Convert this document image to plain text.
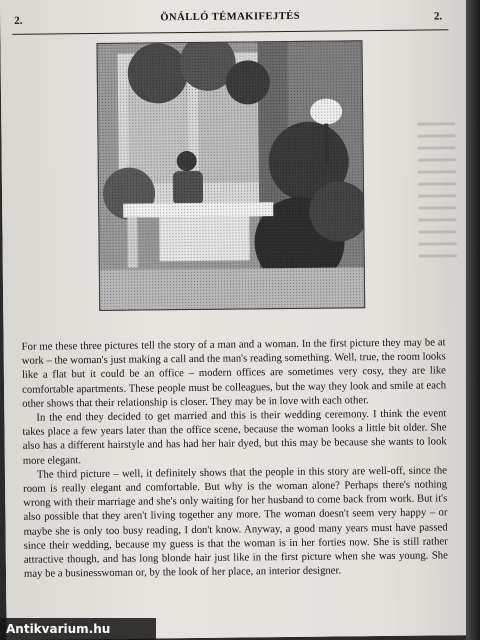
2.	ÖNÁLLÓ TÉMAKIFEJTÉS	2.

For me these three pictures tell the story of a man and a woman. In the first picture they may be at work – the woman's just making a call and the man's reading something. Well, true, the room looks like a flat but it could be an office – modern offices are sometimes very cosy, they are like comfortable apartments. These people must be colleagues, but the way they look and smile at each other shows that their relationship is closer. They may be in love with each other.

In the end they decided to get married and this is their wedding ceremony. I think the event takes place a few years later than the office scene, because the woman looks a little bit older. She also has a different hairstyle and has had her hair dyed, but this may be because she wants to look more elegant.

The third picture – well, it definitely shows that the people in this story are well-off, since the room is really elegant and comfortable. But why is the woman alone? Perhaps there's nothing wrong with their marriage and she's only waiting for her husband to come back from work. But it's also possible that they aren't living together any more. The woman doesn't seem very happy – or maybe she is only too busy reading, I don't know. Anyway, a good many years must have passed since their wedding, because my guess is that the woman is in her forties now. She is still rather attractive though, and has long blonde hair just like in the first picture when she was young. She may be a businesswoman or, by the look of her place, an interior designer.

Antikvarium.hu
